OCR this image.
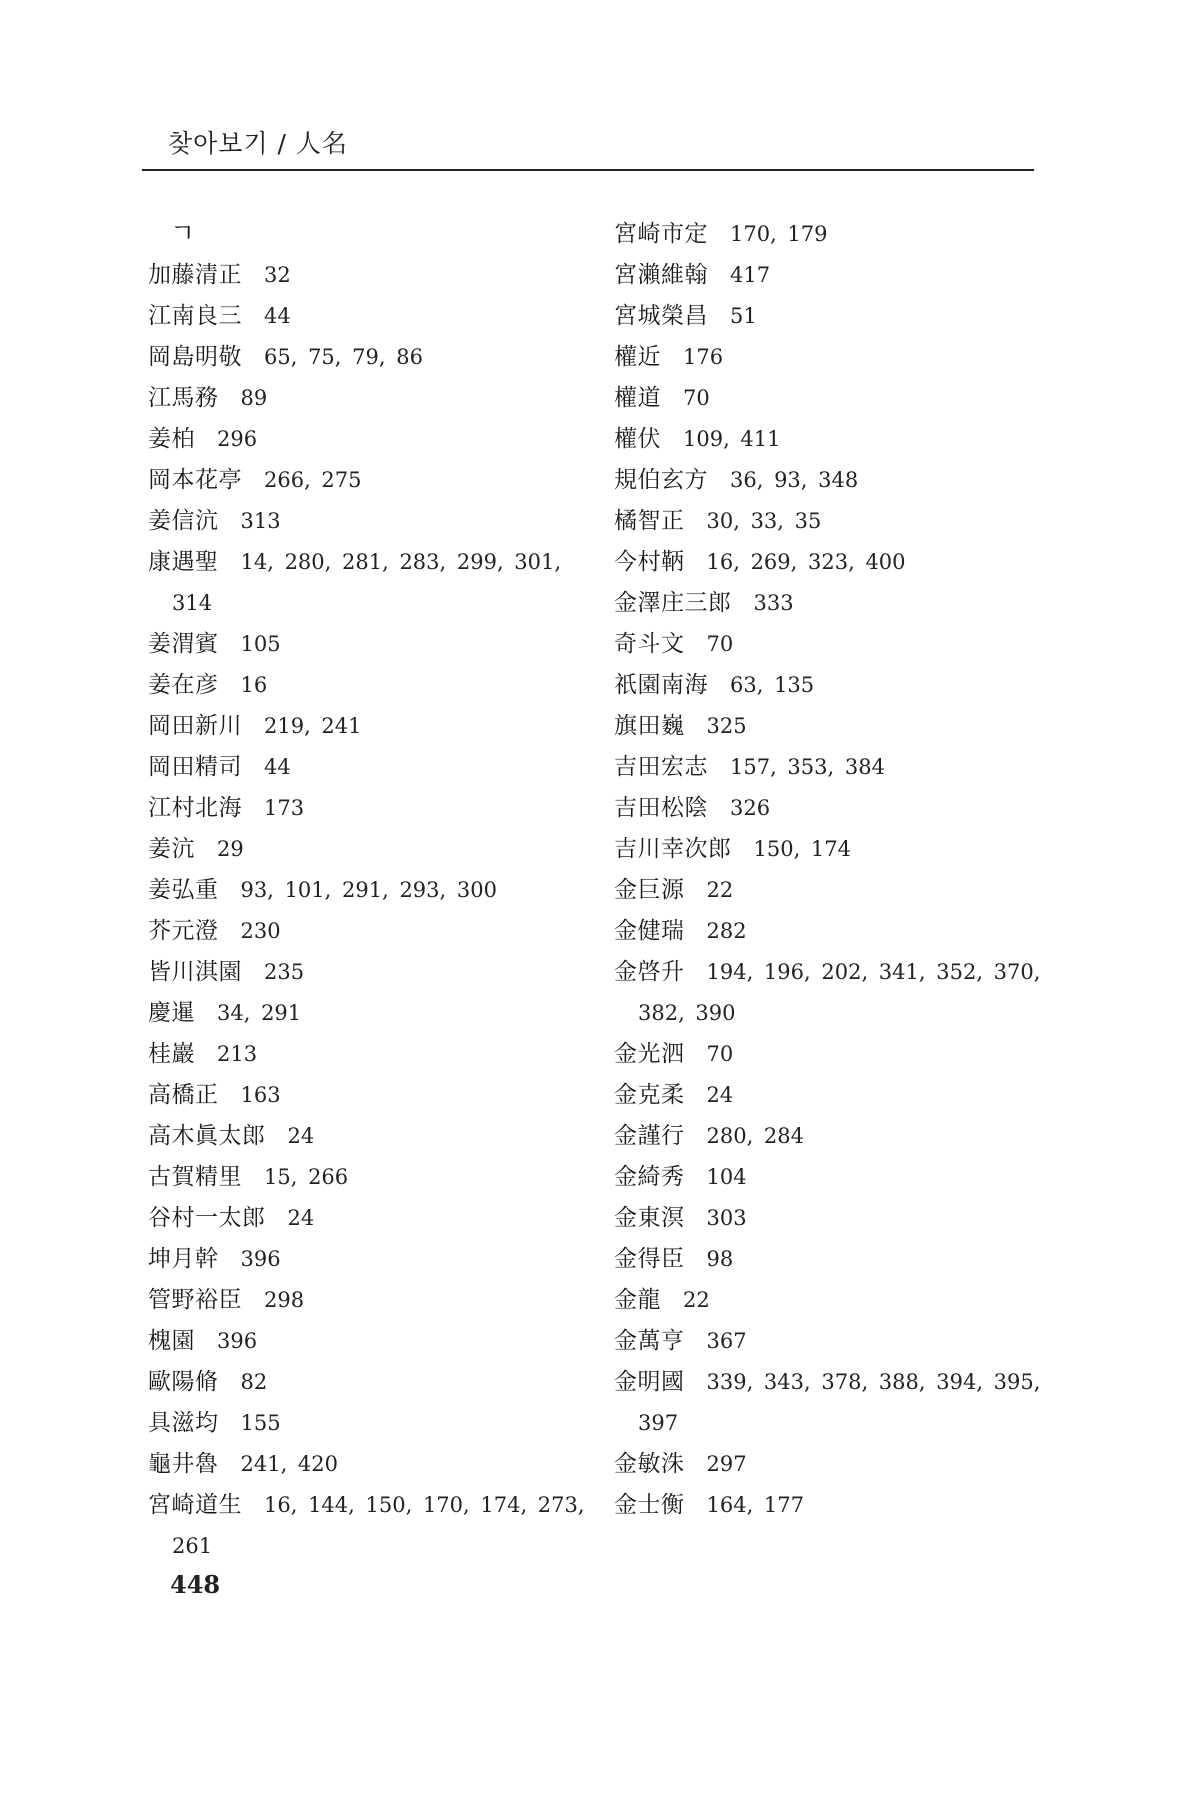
찾아보기 / 人名
ㄱ
加藤清正 32
江南良三 44
岡島明敬 65, 75, 79, 86
江馬務 89
姜柏 296
岡本花亭 266, 275
姜信沆 313
康遇聖 14, 280, 281, 283, 299, 301, 314
姜渭賓 105
姜在彦 16
岡田新川 219, 241
岡田精司 44
江村北海 173
姜沆 29
姜弘重 93, 101, 291, 293, 300
芥元澄 230
皆川淇園 235
慶暹 34, 291
桂巖 213
高橋正 163
高木眞太郎 24
古賀精里 15, 266
谷村一太郎 24
坤月幹 396
管野裕臣 298
槐園 396
歐陽脩 82
具滋均 155
龜井魯 241, 420
宮崎道生 16, 144, 150, 170, 174, 273, 261
宮崎市定 170, 179
宮瀨維翰 417
宮城榮昌 51
權近 176
權道 70
權伏 109, 411
規伯玄方 36, 93, 348
橘智正 30, 33, 35
今村鞆 16, 269, 323, 400
金澤庄三郎 333
奇斗文 70
祇園南海 63, 135
旗田巍 325
吉田宏志 157, 353, 384
吉田松陰 326
吉川幸次郎 150, 174
金巨源 22
金健瑞 282
金啓升 194, 196, 202, 341, 352, 370, 382, 390
金光泗 70
金克柔 24
金謹行 280, 284
金綺秀 104
金東溟 303
金得臣 98
金龍 22
金萬亨 367
金明國 339, 343, 378, 388, 394, 395, 397
金敏洙 297
金士衡 164, 177
448
